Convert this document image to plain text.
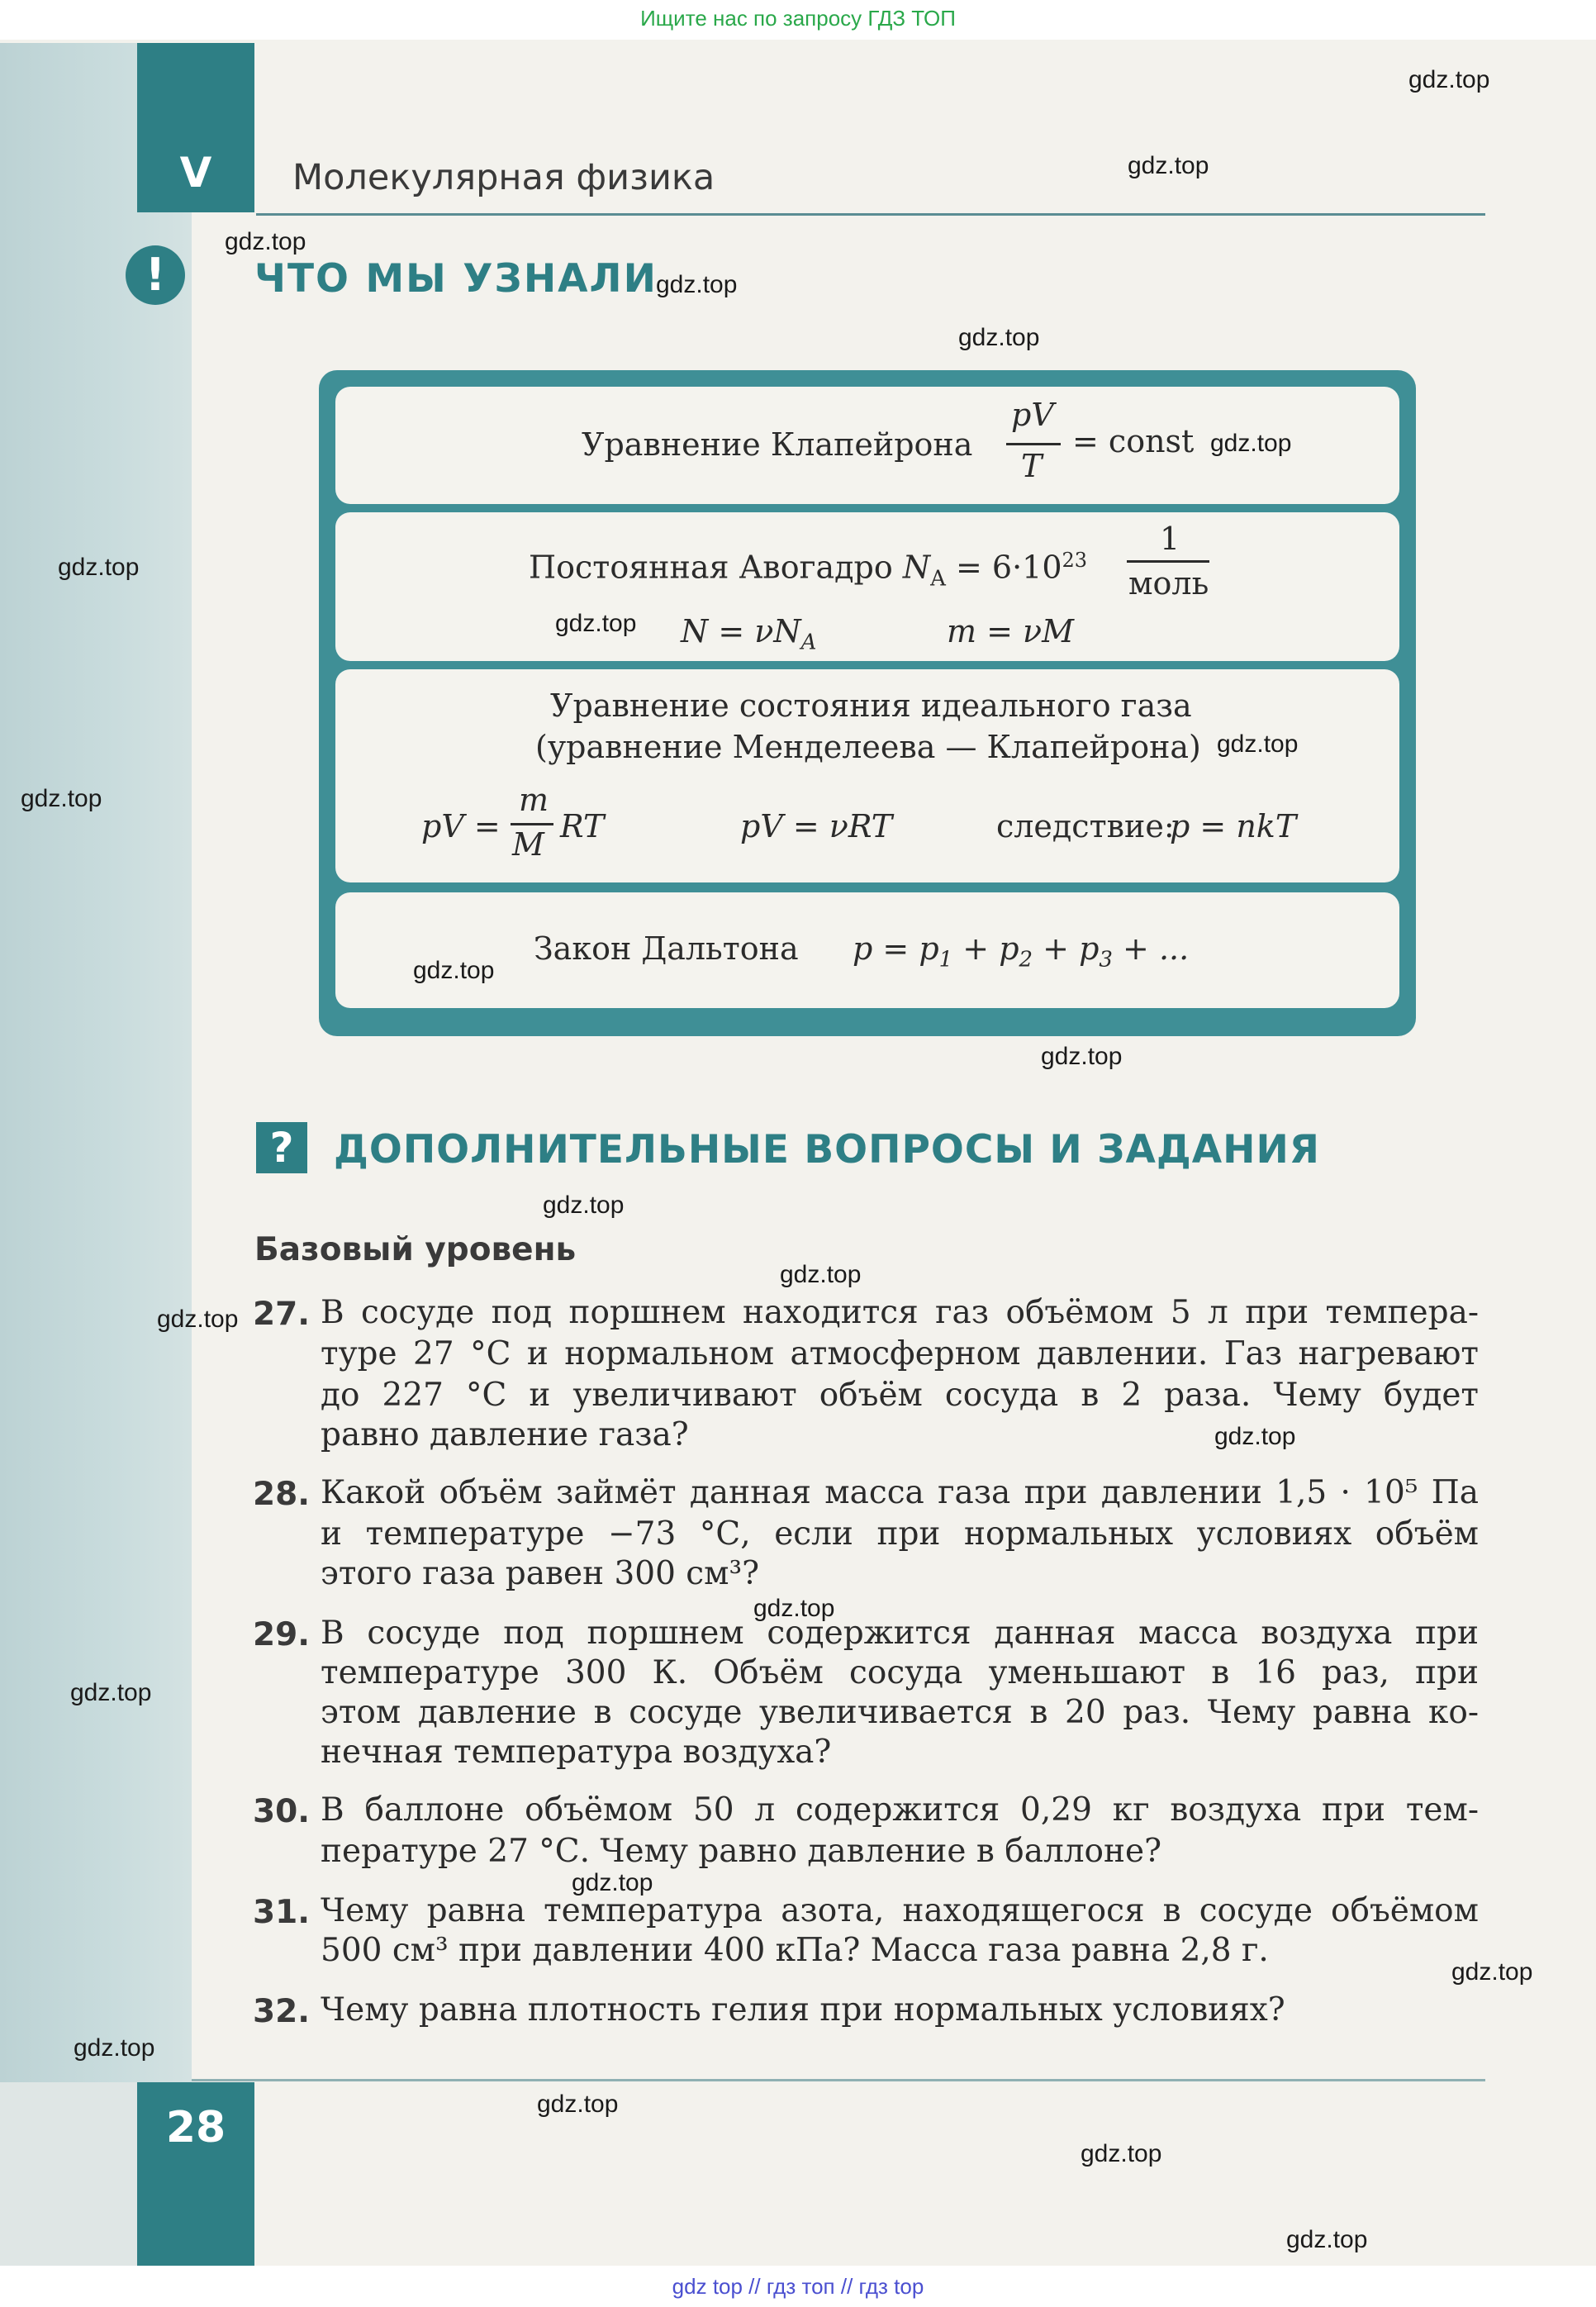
Ищите нас по запросу ГДЗ ТОП
V	Молекулярная физика
!	ЧТО МЫ УЗНАЛИ
Уравнение Клапейрона
pV
T
= const
Постоянная Авогадро $N_A = 6\cdot 10^{23}$
1
моль
$N = \nu N_A$	m = νM
Уравнение состояния идеального газа
(уравнение Менделеева — Клапейрона)
pV =
m
M RT	pV = νRT	следствие:
p = nkT
Закон Дальтона $p = p_1 + p_2 + p_3$ + ...
?	ДОПОЛНИТЕЛЬНЫЕ ВОПРОСЫ И ЗАДАНИЯ
Базовый уровень
27. В сосуде под поршнем находится газ объёмом 5 л при темпера-
туре 27 °С и нормальном атмосферном давлении. Газ нагревают
до 227 °С и увеличивают объём сосуда в 2 раза. Чему будет
равно давление газа?
28. Какой объём займёт данная масса газа при давлении 1,5 · 10⁵ Па
и температуре −73 °С, если при нормальных условиях объём
этого газа равен 300 см³?
29. В сосуде под поршнем содержится данная масса воздуха при
температуре 300 К. Объём сосуда уменьшают в 16 раз, при
этом давление в сосуде увеличивается в 20 раз. Чему равна ко-
нечная температура воздуха?
30. В баллоне объёмом 50 л содержится 0,29 кг воздуха при тем-
пературе 27 °С. Чему равно давление в баллоне?
31. Чему равна температура азота, находящегося в сосуде объёмом
500 см³ при давлении 400 кПа? Масса газа равна 2,8 г.
32. Чему равна плотность гелия при нормальных условиях?
28
gdz top // гдз топ // гдз top
gdz.top
gdz.top
gdz.top
gdz.top
gdz.top
gdz.top
gdz.top
gdz.top
gdz.top
gdz.top
gdz.top
gdz.top
gdz.top
gdz.top
gdz.top
gdz.top
gdz.top
gdz.top
gdz.top
gdz.top
gdz.top
gdz.top
gdz.top
gdz.top
